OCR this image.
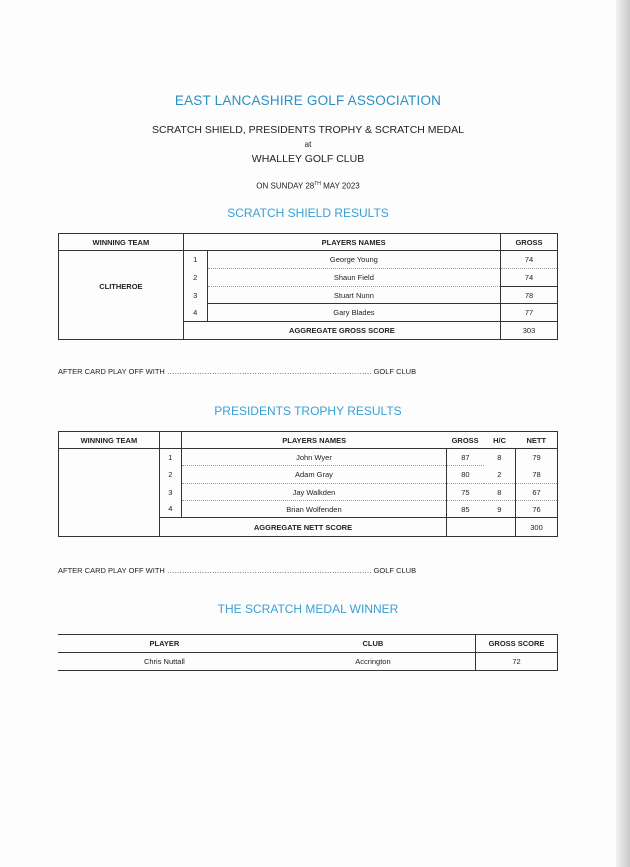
EAST LANCASHIRE GOLF ASSOCIATION
SCRATCH SHIELD, PRESIDENTS TROPHY & SCRATCH MEDAL
at
WHALLEY GOLF CLUB
ON SUNDAY 28TH MAY 2023
SCRATCH SHIELD RESULTS
WINNING TEAM		PLAYERS NAMES	GROSS
CLITHEROE	1	George Young	74
	2	Shaun Field	74
	3	Stuart Nunn	78
	4	Gary Blades	77
	AGGREGATE GROSS SCORE		303
AFTER CARD PLAY OFF WITH ………………………………………………………………………. GOLF CLUB
PRESIDENTS TROPHY RESULTS
WINNING TEAM		PLAYERS NAMES	GROSS	H/C	NETT
	1	John Wyer	87	8	79
	2	Adam Gray	80	2	78
	3	Jay Walkden	75	8	67
	4	Brian Wolfenden	85	9	76
	AGGREGATE NETT SCORE				300
AFTER CARD PLAY OFF WITH ………………………………………………………………………. GOLF CLUB
THE SCRATCH MEDAL WINNER
PLAYER	CLUB	GROSS SCORE
Chris Nuttall	Accrington	72
